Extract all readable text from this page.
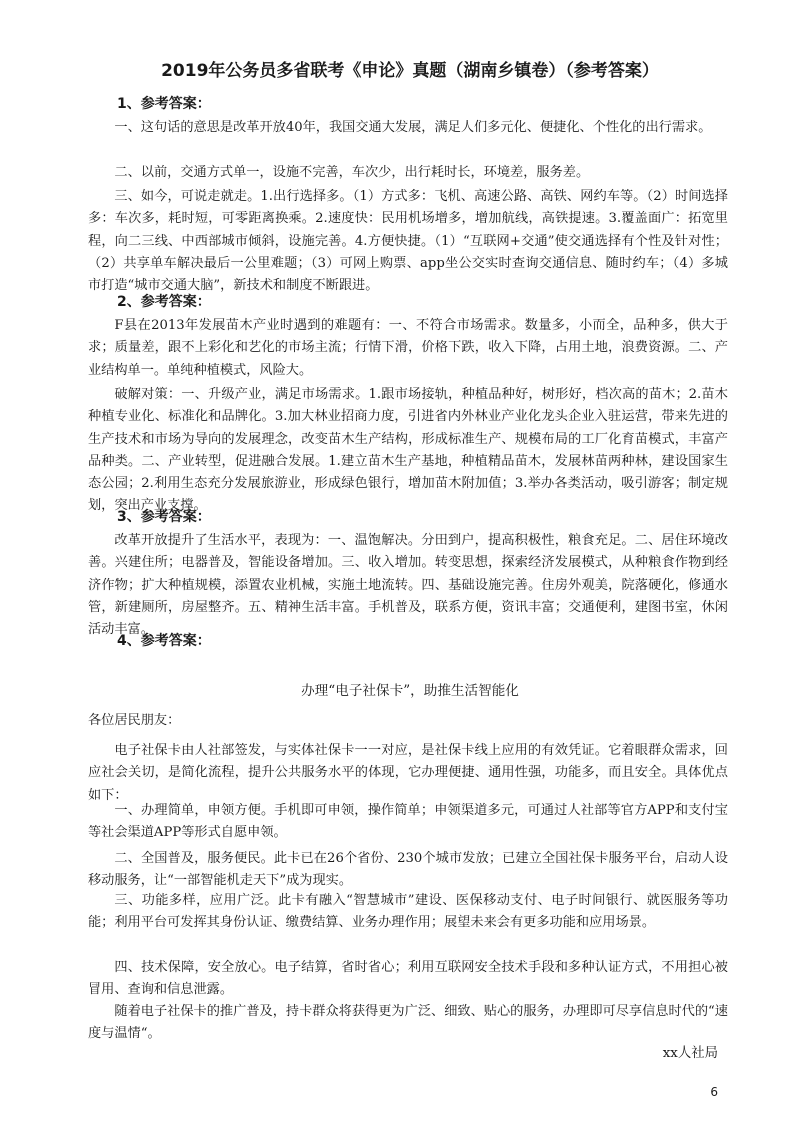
2019年公务员多省联考《申论》真题（湖南乡镇卷）（参考答案）
1、参考答案：

一、这句话的意思是改革开放40年，我国交通大发展，满足人们多元化、便捷化、个性化的出行需求。

二、以前，交通方式单一，设施不完善，车次少，出行耗时长，环境差，服务差。

三、如今，可说走就走。1.出行选择多。（1）方式多：飞机、高速公路、高铁、网约车等。（2）时间选择多：车次多，耗时短，可零距离换乘。2.速度快：民用机场增多，增加航线，高铁提速。3.覆盖面广：拓宽里程，向二三线、中西部城市倾斜，设施完善。4.方便快捷。（1）“互联网+交通”使交通选择有个性及针对性；（2）共享单车解决最后一公里难题；（3）可网上购票、app坐公交实时查询交通信息、随时约车；（4）多城市打造“城市交通大脑”，新技术和制度不断跟进。

2、参考答案：

F县在2013年发展苗木产业时遇到的难题有：一、不符合市场需求。数量多，小而全，品种多，供大于求；质量差，跟不上彩化和艺化的市场主流；行情下滑，价格下跌，收入下降，占用土地，浪费资源。二、产业结构单一。单纯种植模式，风险大。

破解对策：一、升级产业，满足市场需求。1.跟市场接轨，种植品种好，树形好，档次高的苗木；2.苗木种植专业化、标准化和品牌化。3.加大林业招商力度，引进省内外林业产业化龙头企业入驻运营，带来先进的生产技术和市场为导向的发展理念，改变苗木生产结构，形成标准生产、规模布局的工厂化育苗模式，丰富产品种类。二、产业转型，促进融合发展。1.建立苗木生产基地，种植精品苗木，发展林苗两种林，建设国家生态公园；2.利用生态充分发展旅游业，形成绿色银行，增加苗木附加值；3.举办各类活动，吸引游客；制定规划，突出产业支撑。

3、参考答案：

改革开放提升了生活水平，表现为：一、温饱解决。分田到户，提高积极性，粮食充足。二、居住环境改善。兴建住所；电器普及，智能设备增加。三、收入增加。转变思想，探索经济发展模式，从种粮食作物到经济作物；扩大种植规模，添置农业机械，实施土地流转。四、基础设施完善。住房外观美，院落硬化，修通水管，新建厕所，房屋整齐。五、精神生活丰富。手机普及，联系方便，资讯丰富；交通便利，建图书室，休闲活动丰富。

4、参考答案：
办理“电子社保卡”，助推生活智能化

各位居民朋友：

电子社保卡由人社部签发，与实体社保卡一一对应，是社保卡线上应用的有效凭证。它着眼群众需求，回应社会关切，是简化流程，提升公共服务水平的体现，它办理便捷、通用性强，功能多，而且安全。具体优点如下：

一、办理简单，申领方便。手机即可申领，操作简单；申领渠道多元，可通过人社部等官方APP和支付宝等社会渠道APP等形式自愿申领。

二、全国普及，服务便民。此卡已在26个省份、230个城市发放；已建立全国社保卡服务平台，启动人设移动服务，让“一部智能机走天下”成为现实。

三、功能多样，应用广泛。此卡有融入“智慧城市”建设、医保移动支付、电子时间银行、就医服务等功能；利用平台可发挥其身份认证、缴费结算、业务办理作用；展望未来会有更多功能和应用场景。

四、技术保障，安全放心。电子结算，省时省心；利用互联网安全技术手段和多种认证方式，不用担心被冒用、查询和信息泄露。

随着电子社保卡的推广普及，持卡群众将获得更为广泛、细致、贴心的服务，办理即可尽享信息时代的“速度与温情“。

xx人社局
6
